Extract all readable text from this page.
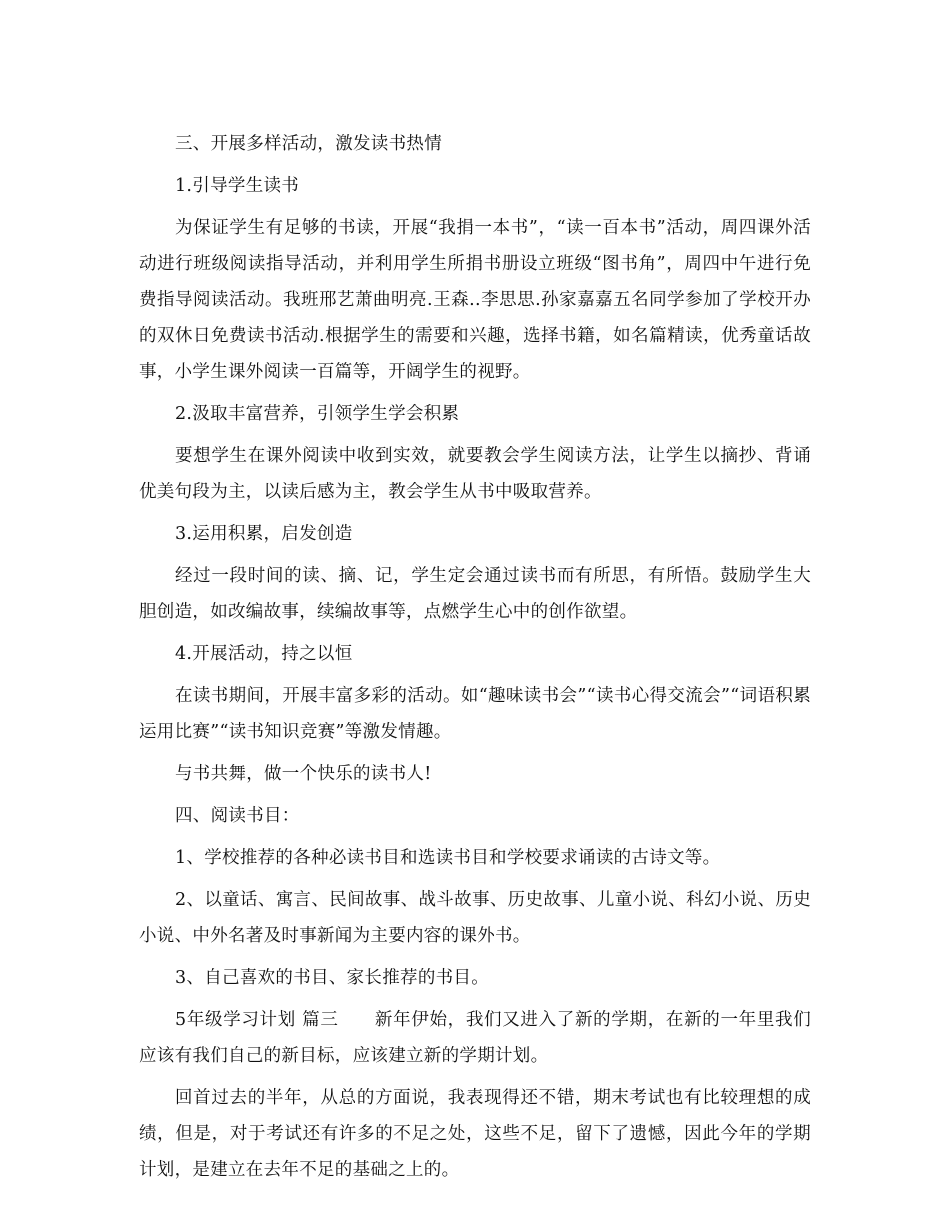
三、开展多样活动，激发读书热情

1.引导学生读书

为保证学生有足够的书读，开展“我捐一本书”，“读一百本书”活动，周四课外活动进行班级阅读指导活动，并利用学生所捐书册设立班级“图书角”，周四中午进行免费指导阅读活动。我班邢艺萧曲明亮.王森..李思思.孙家嘉嘉五名同学参加了学校开办的双休日免费读书活动.根据学生的需要和兴趣，选择书籍，如名篇精读，优秀童话故事，小学生课外阅读一百篇等，开阔学生的视野。

2.汲取丰富营养，引领学生学会积累

要想学生在课外阅读中收到实效，就要教会学生阅读方法，让学生以摘抄、背诵优美句段为主，以读后感为主，教会学生从书中吸取营养。

3.运用积累，启发创造

经过一段时间的读、摘、记，学生定会通过读书而有所思，有所悟。鼓励学生大胆创造，如改编故事，续编故事等，点燃学生心中的创作欲望。

4.开展活动，持之以恒

在读书期间，开展丰富多彩的活动。如“趣味读书会”“读书心得交流会”“词语积累运用比赛”“读书知识竞赛”等激发情趣。

与书共舞，做一个快乐的读书人!

四、阅读书目：

1、学校推荐的各种必读书目和选读书目和学校要求诵读的古诗文等。

2、以童话、寓言、民间故事、战斗故事、历史故事、儿童小说、科幻小说、历史小说、中外名著及时事新闻为主要内容的课外书。

3、自己喜欢的书目、家长推荐的书目。

5年级学习计划 篇三　　新年伊始，我们又进入了新的学期，在新的一年里我们应该有我们自己的新目标，应该建立新的学期计划。

回首过去的半年，从总的方面说，我表现得还不错，期末考试也有比较理想的成绩，但是，对于考试还有许多的不足之处，这些不足，留下了遗憾，因此今年的学期计划，是建立在去年不足的基础之上的。
